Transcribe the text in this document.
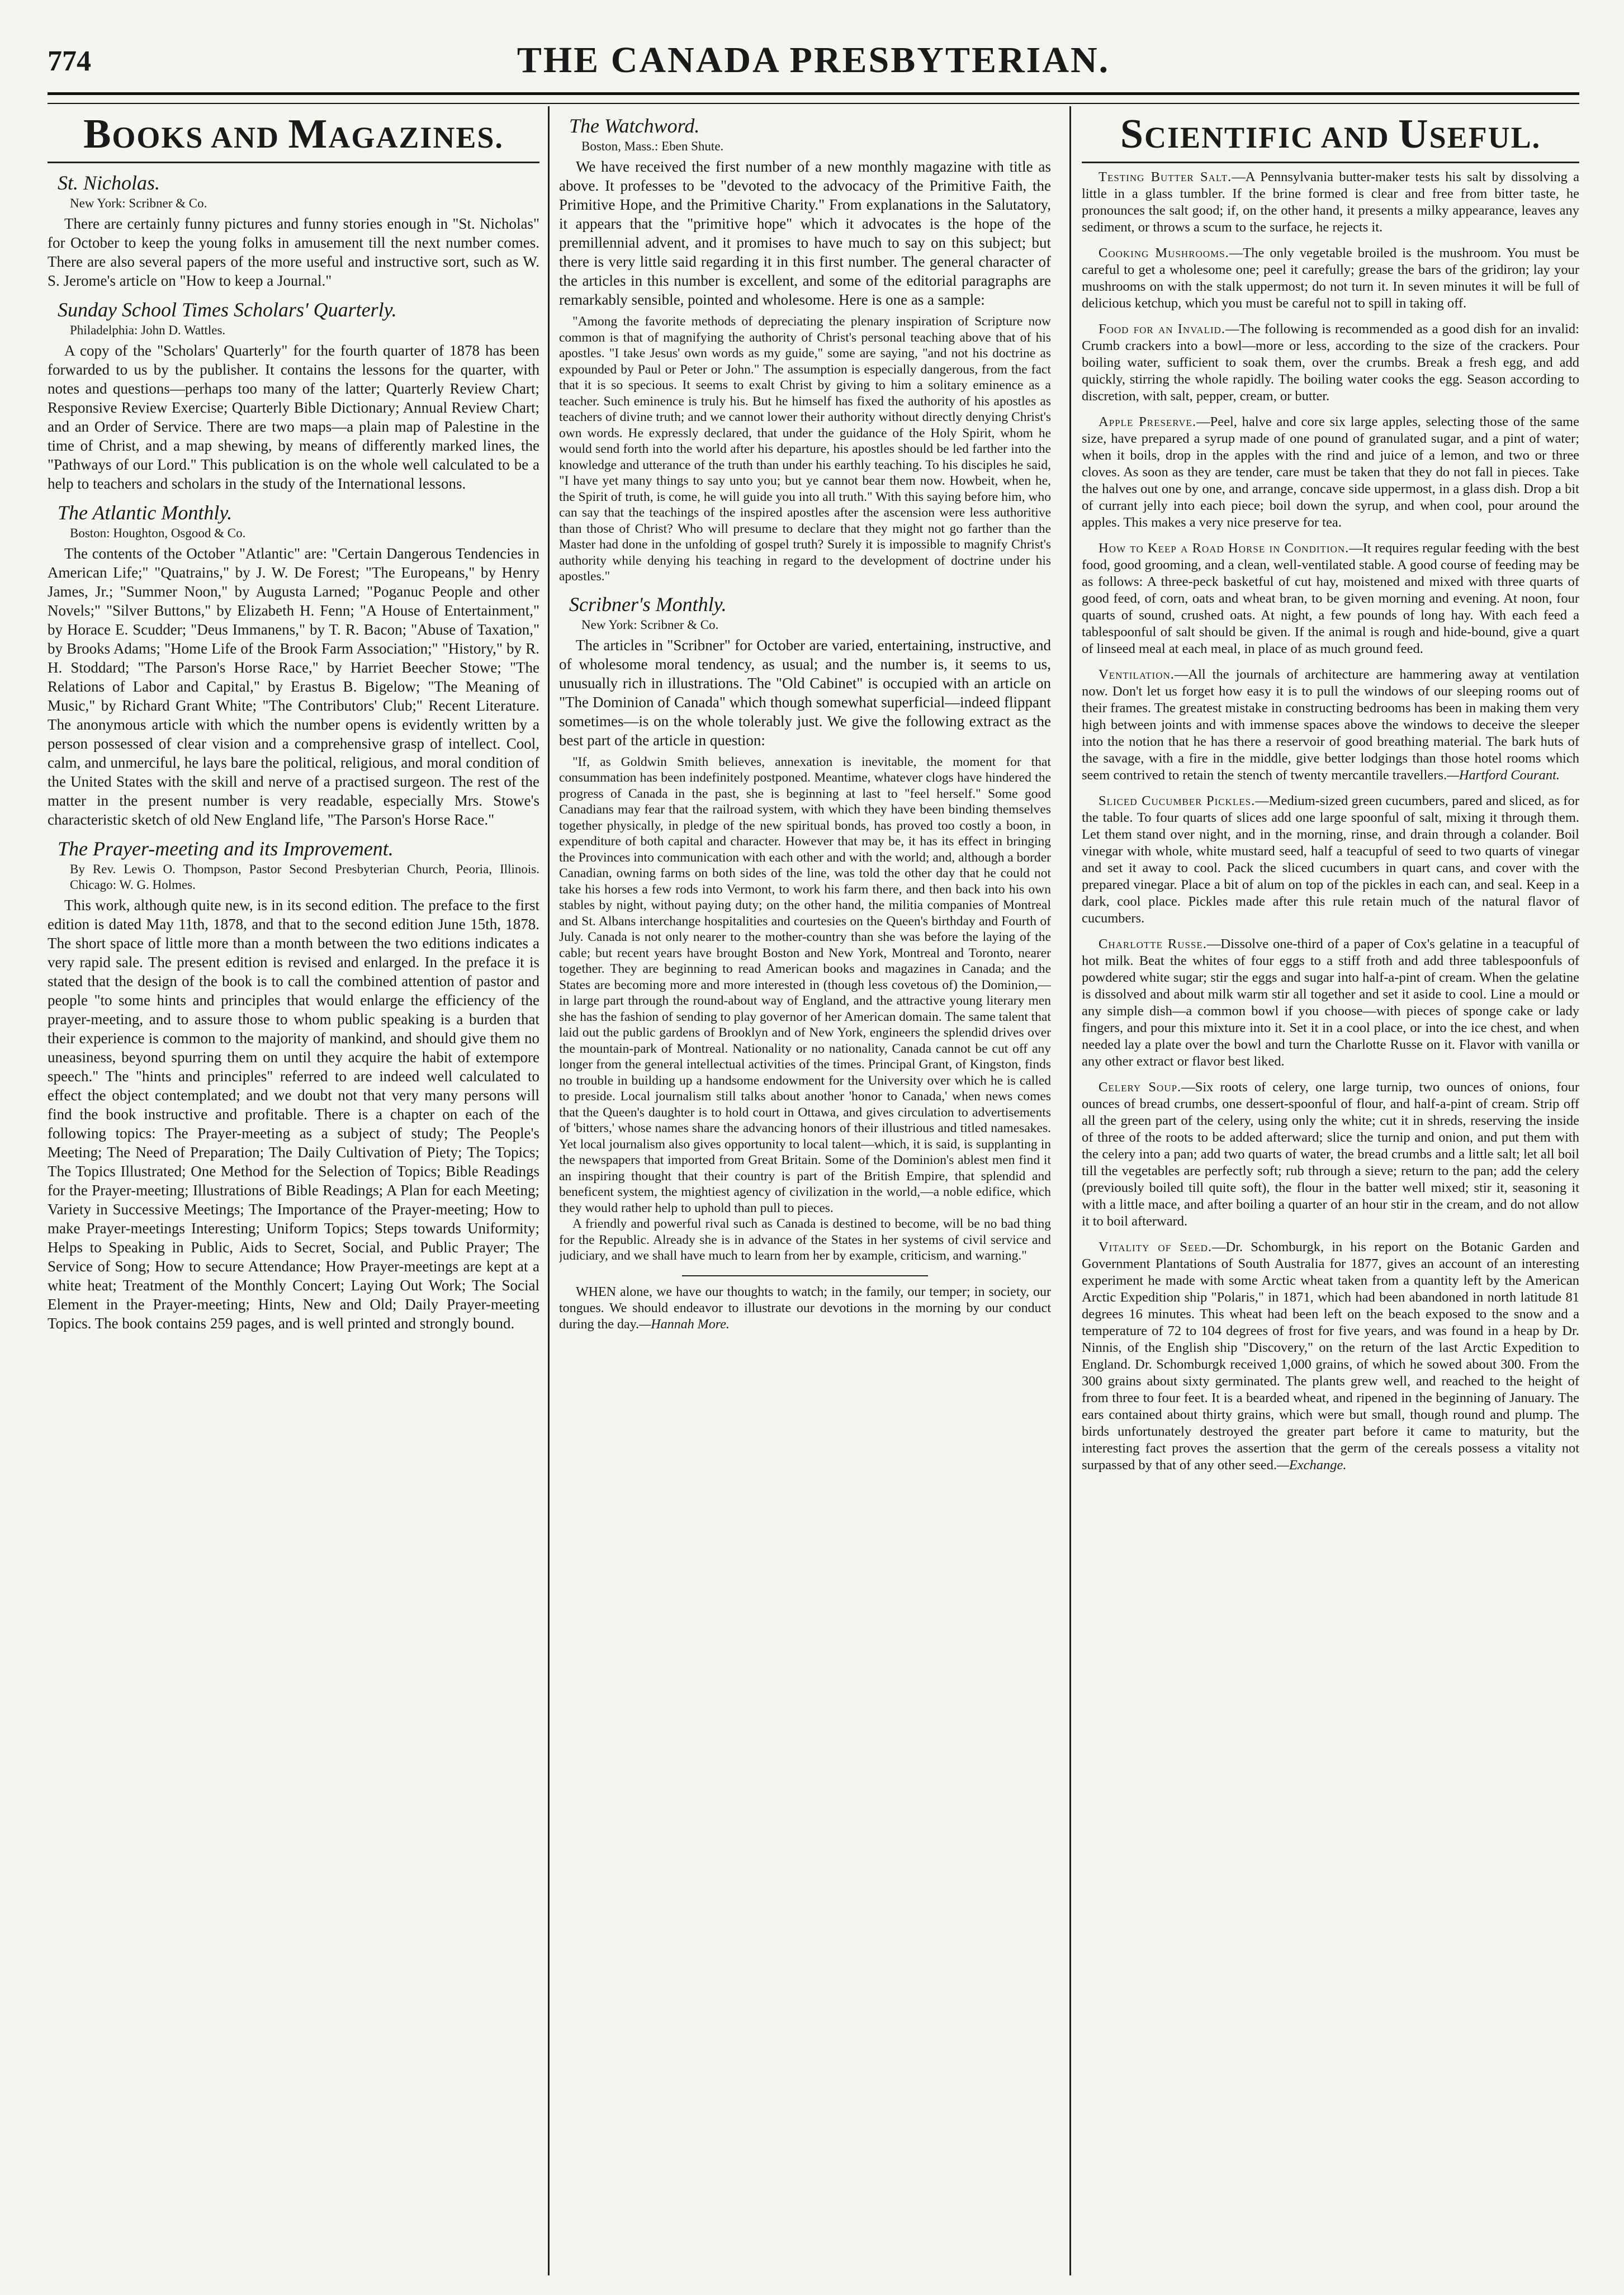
774	THE CANADA PRESBYTERIAN.
BOOKS AND MAGAZINES.
St. Nicholas.
New York: Scribner & Co.

There are certainly funny pictures and funny stories enough in "St. Nicholas" for October to keep the young folks in amusement till the next number comes. There are also several papers of the more useful and instructive sort, such as W. S. Jerome's article on "How to keep a Journal."

Sunday School Times Scholars' Quarterly.
Philadelphia: John D. Wattles.

A copy of the "Scholars' Quarterly" for the fourth quarter of 1878 has been forwarded to us by the publisher. It contains the lessons for the quarter, with notes and questions—perhaps too many of the latter; Quarterly Review Chart; Responsive Review Exercise; Quarterly Bible Dictionary; Annual Review Chart; and an Order of Service. There are two maps—a plain map of Palestine in the time of Christ, and a map shewing, by means of differently marked lines, the "Pathways of our Lord." This publication is on the whole well calculated to be a help to teachers and scholars in the study of the International lessons.

The Atlantic Monthly.
Boston: Houghton, Osgood & Co.

The contents of the October "Atlantic" are: "Certain Dangerous Tendencies in American Life;" "Quatrains," by J. W. De Forest; "The Europeans," by Henry James, Jr.; "Summer Noon," by Augusta Larned; "Poganuc People and other Novels;" "Silver Buttons," by Elizabeth H. Fenn; "A House of Entertainment," by Horace E. Scudder; "Deus Immanens," by T. R. Bacon; "Abuse of Taxation," by Brooks Adams; "Home Life of the Brook Farm Association;" "History," by R. H. Stoddard; "The Parson's Horse Race," by Harriet Beecher Stowe; "The Relations of Labor and Capital," by Erastus B. Bigelow; "The Meaning of Music," by Richard Grant White; "The Contributors' Club;" Recent Literature. The anonymous article with which the number opens is evidently written by a person possessed of clear vision and a comprehensive grasp of intellect. Cool, calm, and unmerciful, he lays bare the political, religious, and moral condition of the United States with the skill and nerve of a practised surgeon. The rest of the matter in the present number is very readable, especially Mrs. Stowe's characteristic sketch of old New England life, "The Parson's Horse Race."

The Prayer-meeting and its Improvement.
By Rev. Lewis O. Thompson, Pastor Second Presbyterian Church, Peoria, Illinois. Chicago: W. G. Holmes.

This work, although quite new, is in its second edition. The preface to the first edition is dated May 11th, 1878, and that to the second edition June 15th, 1878. The short space of little more than a month between the two editions indicates a very rapid sale. The present edition is revised and enlarged. In the preface it is stated that the design of the book is to call the combined attention of pastor and people "to some hints and principles that would enlarge the efficiency of the prayer-meeting, and to assure those to whom public speaking is a burden that their experience is common to the majority of mankind, and should give them no uneasiness, beyond spurring them on until they acquire the habit of extempore speech." The "hints and principles" referred to are indeed well calculated to effect the object contemplated; and we doubt not that very many persons will find the book instructive and profitable. There is a chapter on each of the following topics: The Prayer-meeting as a subject of study; The People's Meeting; The Need of Preparation; The Daily Cultivation of Piety; The Topics; The Topics Illustrated; One Method for the Selection of Topics; Bible Readings for the Prayer-meeting; Illustrations of Bible Readings; A Plan for each Meeting; Variety in Successive Meetings; The Importance of the Prayer-meeting; How to make Prayer-meetings Interesting; Uniform Topics; Steps towards Uniformity; Helps to Speaking in Public, Aids to Secret, Social, and Public Prayer; The Service of Song; How to secure Attendance; How Prayer-meetings are kept at a white heat; Treatment of the Monthly Concert; Laying Out Work; The Social Element in the Prayer-meeting; Hints, New and Old; Daily Prayer-meeting Topics. The book contains 259 pages, and is well printed and strongly bound.

The Watchword.
Boston, Mass.: Eben Shute.

We have received the first number of a new monthly magazine with title as above. It professes to be "devoted to the advocacy of the Primitive Faith, the Primitive Hope, and the Primitive Charity." From explanations in the Salutatory, it appears that the "primitive hope" which it advocates is the hope of the premillennial advent, and it promises to have much to say on this subject; but there is very little said regarding it in this first number. The general character of the articles in this number is excellent, and some of the editorial paragraphs are remarkably sensible, pointed and wholesome. Here is one as a sample:

"Among the favorite methods of depreciating the plenary inspiration of Scripture now common is that of magnifying the authority of Christ's personal teaching above that of his apostles. "I take Jesus' own words as my guide," some are saying, "and not his doctrine as expounded by Paul or Peter or John." The assumption is especially dangerous, from the fact that it is so specious. It seems to exalt Christ by giving to him a solitary eminence as a teacher. Such eminence is truly his. But he himself has fixed the authority of his apostles as teachers of divine truth; and we cannot lower their authority without directly denying Christ's own words. He expressly declared, that under the guidance of the Holy Spirit, whom he would send forth into the world after his departure, his apostles should be led farther into the knowledge and utterance of the truth than under his earthly teaching. To his disciples he said, "I have yet many things to say unto you; but ye cannot bear them now. Howbeit, when he, the Spirit of truth, is come, he will guide you into all truth." With this saying before him, who can say that the teachings of the inspired apostles after the ascension were less authoritive than those of Christ? Who will presume to declare that they might not go farther than the Master had done in the unfolding of gospel truth? Surely it is impossible to magnify Christ's authority while denying his teaching in regard to the development of doctrine under his apostles."

Scribner's Monthly.
New York: Scribner & Co.

The articles in "Scribner" for October are varied, entertaining, instructive, and of wholesome moral tendency, as usual; and the number is, it seems to us, unusually rich in illustrations. The "Old Cabinet" is occupied with an article on "The Dominion of Canada" which though somewhat superficial—indeed flippant sometimes—is on the whole tolerably just. We give the following extract as the best part of the article in question:

"If, as Goldwin Smith believes, annexation is inevitable, the moment for that consummation has been indefinitely postponed. Meantime, whatever clogs have hindered the progress of Canada in the past, she is beginning at last to "feel herself." Some good Canadians may fear that the railroad system, with which they have been binding themselves together physically, in pledge of the new spiritual bonds, has proved too costly a boon, in expenditure of both capital and character. However that may be, it has its effect in bringing the Provinces into communication with each other and with the world; and, although a border Canadian, owning farms on both sides of the line, was told the other day that he could not take his horses a few rods into Vermont, to work his farm there, and then back into his own stables by night, without paying duty; on the other hand, the militia companies of Montreal and St. Albans interchange hospitalities and courtesies on the Queen's birthday and Fourth of July. Canada is not only nearer to the mother-country than she was before the laying of the cable; but recent years have brought Boston and New York, Montreal and Toronto, nearer together. They are beginning to read American books and magazines in Canada; and the States are becoming more and more interested in (though less covetous of) the Dominion,—in large part through the round-about way of England, and the attractive young literary men she has the fashion of sending to play governor of her American domain. The same talent that laid out the public gardens of Brooklyn and of New York, engineers the splendid drives over the mountain-park of Montreal. Nationality or no nationality, Canada cannot be cut off any longer from the general intellectual activities of the times. Principal Grant, of Kingston, finds no trouble in building up a handsome endowment for the University over which he is called to preside. Local journalism still talks about another 'honor to Canada,' when news comes that the Queen's daughter is to hold court in Ottawa, and gives circulation to advertisements of 'bitters,' whose names share the advancing honors of their illustrious and titled namesakes. Yet local journalism also gives opportunity to local talent—which, it is said, is supplanting in the newspapers that imported from Great Britain. Some of the Dominion's ablest men find it an inspiring thought that their country is part of the British Empire, that splendid and beneficent system, the mightiest agency of civilization in the world,—a noble edifice, which they would rather help to uphold than pull to pieces.

A friendly and powerful rival such as Canada is destined to become, will be no bad thing for the Republic. Already she is in advance of the States in her systems of civil service and judiciary, and we shall have much to learn from her by example, criticism, and warning."

WHEN alone, we have our thoughts to watch; in the family, our temper; in society, our tongues. We should endeavor to illustrate our devotions in the morning by our conduct during the day.—Hannah More.

SCIENTIFIC AND USEFUL.

Testing Butter Salt.—A Pennsylvania butter-maker tests his salt by dissolving a little in a glass tumbler. If the brine formed is clear and free from bitter taste, he pronounces the salt good; if, on the other hand, it presents a milky appearance, leaves any sediment, or throws a scum to the surface, he rejects it.

Cooking Mushrooms.—The only vegetable broiled is the mushroom. You must be careful to get a wholesome one; peel it carefully; grease the bars of the gridiron; lay your mushrooms on with the stalk uppermost; do not turn it. In seven minutes it will be full of delicious ketchup, which you must be careful not to spill in taking off.

Food for an Invalid.—The following is recommended as a good dish for an invalid: Crumb crackers into a bowl—more or less, according to the size of the crackers. Pour boiling water, sufficient to soak them, over the crumbs. Break a fresh egg, and add quickly, stirring the whole rapidly. The boiling water cooks the egg. Season according to discretion, with salt, pepper, cream, or butter.

Apple Preserve.—Peel, halve and core six large apples, selecting those of the same size, have prepared a syrup made of one pound of granulated sugar, and a pint of water; when it boils, drop in the apples with the rind and juice of a lemon, and two or three cloves. As soon as they are tender, care must be taken that they do not fall in pieces. Take the halves out one by one, and arrange, concave side uppermost, in a glass dish. Drop a bit of currant jelly into each piece; boil down the syrup, and when cool, pour around the apples. This makes a very nice preserve for tea.

How to Keep a Road Horse in Condition.—It requires regular feeding with the best food, good grooming, and a clean, well-ventilated stable. A good course of feeding may be as follows: A three-peck basketful of cut hay, moistened and mixed with three quarts of good feed, of corn, oats and wheat bran, to be given morning and evening. At noon, four quarts of sound, crushed oats. At night, a few pounds of long hay. With each feed a tablespoonful of salt should be given. If the animal is rough and hide-bound, give a quart of linseed meal at each meal, in place of as much ground feed.

Ventilation.—All the journals of architecture are hammering away at ventilation now. Don't let us forget how easy it is to pull the windows of our sleeping rooms out of their frames. The greatest mistake in constructing bedrooms has been in making them very high between joints and with immense spaces above the windows to deceive the sleeper into the notion that he has there a reservoir of good breathing material. The bark huts of the savage, with a fire in the middle, give better lodgings than those hotel rooms which seem contrived to retain the stench of twenty mercantile travellers.—Hartford Courant.

Sliced Cucumber Pickles.—Medium-sized green cucumbers, pared and sliced, as for the table. To four quarts of slices add one large spoonful of salt, mixing it through them. Let them stand over night, and in the morning, rinse, and drain through a colander. Boil vinegar with whole, white mustard seed, half a teacupful of seed to two quarts of vinegar and set it away to cool. Pack the sliced cucumbers in quart cans, and cover with the prepared vinegar. Place a bit of alum on top of the pickles in each can, and seal. Keep in a dark, cool place. Pickles made after this rule retain much of the natural flavor of cucumbers.

Charlotte Russe.—Dissolve one-third of a paper of Cox's gelatine in a teacupful of hot milk. Beat the whites of four eggs to a stiff froth and add three tablespoonfuls of powdered white sugar; stir the eggs and sugar into half-a-pint of cream. When the gelatine is dissolved and about milk warm stir all together and set it aside to cool. Line a mould or any simple dish—a common bowl if you choose—with pieces of sponge cake or lady fingers, and pour this mixture into it. Set it in a cool place, or into the ice chest, and when needed lay a plate over the bowl and turn the Charlotte Russe on it. Flavor with vanilla or any other extract or flavor best liked.

Celery Soup.—Six roots of celery, one large turnip, two ounces of onions, four ounces of bread crumbs, one dessert-spoonful of flour, and half-a-pint of cream. Strip off all the green part of the celery, using only the white; cut it in shreds, reserving the inside of three of the roots to be added afterward; slice the turnip and onion, and put them with the celery into a pan; add two quarts of water, the bread crumbs and a little salt; let all boil till the vegetables are perfectly soft; rub through a sieve; return to the pan; add the celery (previously boiled till quite soft), the flour in the batter well mixed; stir it, seasoning it with a little mace, and after boiling a quarter of an hour stir in the cream, and do not allow it to boil afterward.

Vitality of Seed.—Dr. Schomburgk, in his report on the Botanic Garden and Government Plantations of South Australia for 1877, gives an account of an interesting experiment he made with some Arctic wheat taken from a quantity left by the American Arctic Expedition ship "Polaris," in 1871, which had been abandoned in north latitude 81 degrees 16 minutes. This wheat had been left on the beach exposed to the snow and a temperature of 72 to 104 degrees of frost for five years, and was found in a heap by Dr. Ninnis, of the English ship "Discovery," on the return of the last Arctic Expedition to England. Dr. Schomburgk received 1,000 grains, of which he sowed about 300. From the 300 grains about sixty germinated. The plants grew well, and reached to the height of from three to four feet. It is a bearded wheat, and ripened in the beginning of January. The ears contained about thirty grains, which were but small, though round and plump. The birds unfortunately destroyed the greater part before it came to maturity, but the interesting fact proves the assertion that the germ of the cereals possess a vitality not surpassed by that of any other seed.—Exchange.
